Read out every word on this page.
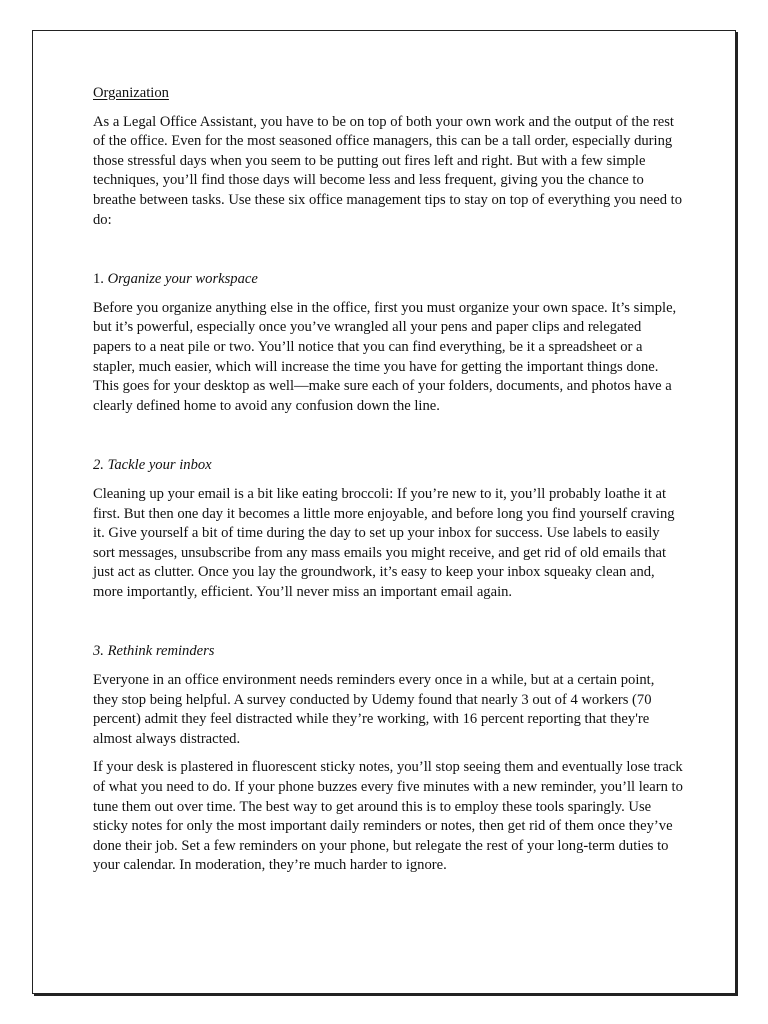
Organization

As a Legal Office Assistant, you have to be on top of both your own work and the output of the rest of the office. Even for the most seasoned office managers, this can be a tall order, especially during those stressful days when you seem to be putting out fires left and right. But with a few simple techniques, you’ll find those days will become less and less frequent, giving you the chance to breathe between tasks. Use these six office management tips to stay on top of everything you need to do:

1. Organize your workspace

Before you organize anything else in the office, first you must organize your own space. It’s simple, but it’s powerful, especially once you’ve wrangled all your pens and paper clips and relegated papers to a neat pile or two. You’ll notice that you can find everything, be it a spreadsheet or a stapler, much easier, which will increase the time you have for getting the important things done. This goes for your desktop as well—make sure each of your folders, documents, and photos have a clearly defined home to avoid any confusion down the line.

2. Tackle your inbox

Cleaning up your email is a bit like eating broccoli: If you’re new to it, you’ll probably loathe it at first. But then one day it becomes a little more enjoyable, and before long you find yourself craving it. Give yourself a bit of time during the day to set up your inbox for success. Use labels to easily sort messages, unsubscribe from any mass emails you might receive, and get rid of old emails that just act as clutter. Once you lay the groundwork, it’s easy to keep your inbox squeaky clean and, more importantly, efficient. You’ll never miss an important email again.

3. Rethink reminders

Everyone in an office environment needs reminders every once in a while, but at a certain point, they stop being helpful. A survey conducted by Udemy found that nearly 3 out of 4 workers (70 percent) admit they feel distracted while they’re working, with 16 percent reporting that they're almost always distracted.

If your desk is plastered in fluorescent sticky notes, you’ll stop seeing them and eventually lose track of what you need to do. If your phone buzzes every five minutes with a new reminder, you’ll learn to tune them out over time. The best way to get around this is to employ these tools sparingly. Use sticky notes for only the most important daily reminders or notes, then get rid of them once they’ve done their job. Set a few reminders on your phone, but relegate the rest of your long-term duties to your calendar. In moderation, they’re much harder to ignore.
